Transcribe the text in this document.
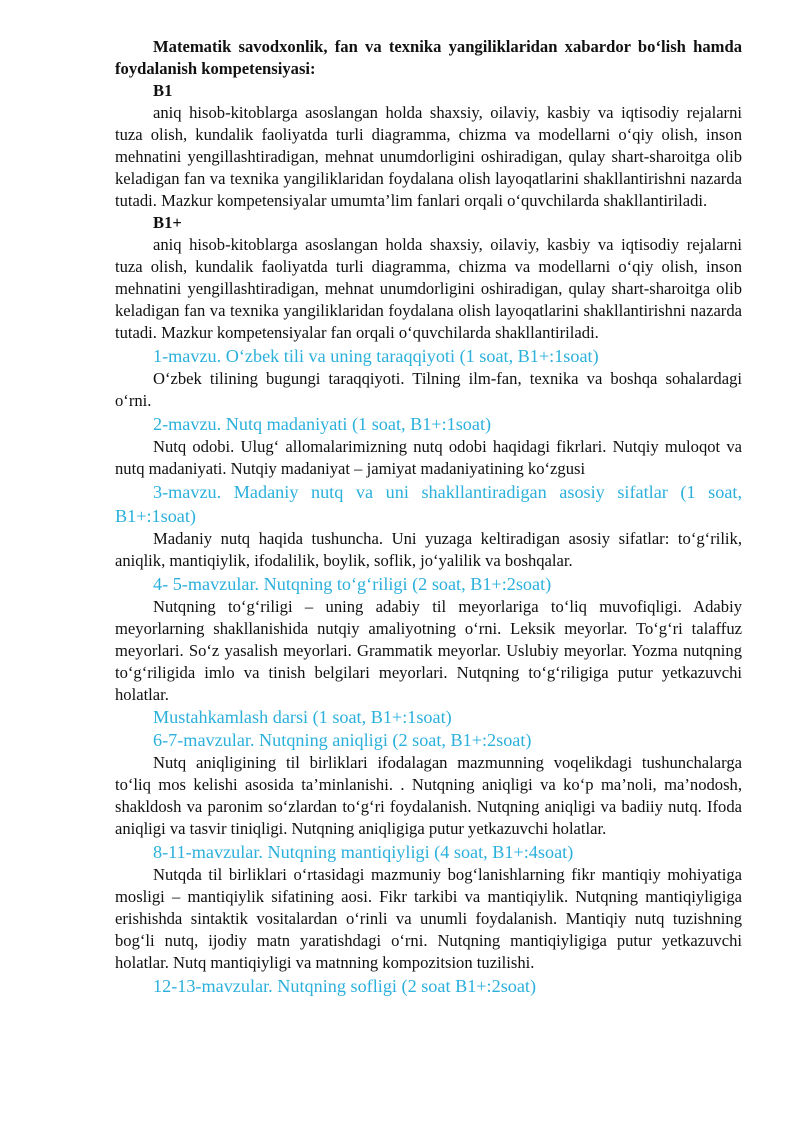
Matematik savodxonlik, fan va texnika yangiliklaridan xabardor bo‘lish hamda foydalanish kompetensiyasi:

B1

aniq hisob-kitoblarga asoslangan holda shaxsiy, oilaviy, kasbiy va iqtisodiy rejalarni tuza olish, kundalik faoliyatda turli diagramma, chizma va modellarni o‘qiy olish, inson mehnatini yengillashtiradigan, mehnat unumdorligini oshiradigan, qulay shart-sharoitga olib keladigan fan va texnika yangiliklaridan foydalana olish layoqatlarini shakllantirishni nazarda tutadi. Mazkur kompetensiyalar umumta’lim fanlari orqali o‘quvchilarda shakllantiriladi.

B1+

aniq hisob-kitoblarga asoslangan holda shaxsiy, oilaviy, kasbiy va iqtisodiy rejalarni tuza olish, kundalik faoliyatda turli diagramma, chizma va modellarni o‘qiy olish, inson mehnatini yengillashtiradigan, mehnat unumdorligini oshiradigan, qulay shart-sharoitga olib keladigan fan va texnika yangiliklaridan foydalana olish layoqatlarini shakllantirishni nazarda tutadi. Mazkur kompetensiyalar fan orqali o‘quvchilarda shakllantiriladi.

1-mavzu. O‘zbek tili va uning taraqqiyoti (1 soat, B1+:1soat)

O‘zbek tilining bugungi taraqqiyoti. Tilning ilm-fan, texnika va boshqa sohalardagi o‘rni.

2-mavzu. Nutq madaniyati (1 soat, B1+:1soat)

Nutq odobi. Ulug‘ allomalarimizning nutq odobi haqidagi fikrlari. Nutqiy muloqot va nutq madaniyati. Nutqiy madaniyat – jamiyat madaniyatining ko‘zgusi

3-mavzu. Madaniy nutq va uni shakllantiradigan asosiy sifatlar (1 soat, B1+:1soat)

Madaniy nutq haqida tushuncha. Uni yuzaga keltiradigan asosiy sifatlar: to‘g‘rilik, aniqlik, mantiqiylik, ifodalilik, boylik, soflik, jo‘yalilik va boshqalar.

4- 5-mavzular. Nutqning to‘g‘riligi (2 soat, B1+:2soat)

Nutqning to‘g‘riligi – uning adabiy til meyorlariga to‘liq muvofiqligi. Adabiy meyorlarning shakllanishida nutqiy amaliyotning o‘rni. Leksik meyorlar. To‘g‘ri talaffuz meyorlari. So‘z yasalish meyorlari. Grammatik meyorlar. Uslubiy meyorlar. Yozma nutqning to‘g‘riligida imlo va tinish belgilari meyorlari. Nutqning to‘g‘riligiga putur yetkazuvchi holatlar.

Mustahkamlash darsi (1 soat, B1+:1soat)

6-7-mavzular. Nutqning aniqligi (2 soat, B1+:2soat)

Nutq aniqligining til birliklari ifodalagan mazmunning voqelikdagi tushunchalarga to‘liq mos kelishi asosida ta’minlanishi. . Nutqning aniqligi va ko‘p ma’noli, ma’nodosh, shakldosh va paronim so‘zlardan to‘g‘ri foydalanish. Nutqning aniqligi va badiiy nutq. Ifoda aniqligi va tasvir tiniqligi. Nutqning aniqligiga putur yetkazuvchi holatlar.

8-11-mavzular. Nutqning mantiqiyligi (4 soat, B1+:4soat)

Nutqda til birliklari o‘rtasidagi mazmuniy bog‘lanishlarning fikr mantiqiy mohiyatiga mosligi – mantiqiylik sifatining aosi. Fikr tarkibi va mantiqiylik. Nutqning mantiqiyligiga erishishda sintaktik vositalardan o‘rinli va unumli foydalanish. Mantiqiy nutq tuzishning bog‘li nutq, ijodiy matn yaratishdagi o‘rni. Nutqning mantiqiyligiga putur yetkazuvchi holatlar. Nutq mantiqiyligi va matnning kompozitsion tuzilishi.

12-13-mavzular. Nutqning sofligi (2 soat B1+:2soat)
